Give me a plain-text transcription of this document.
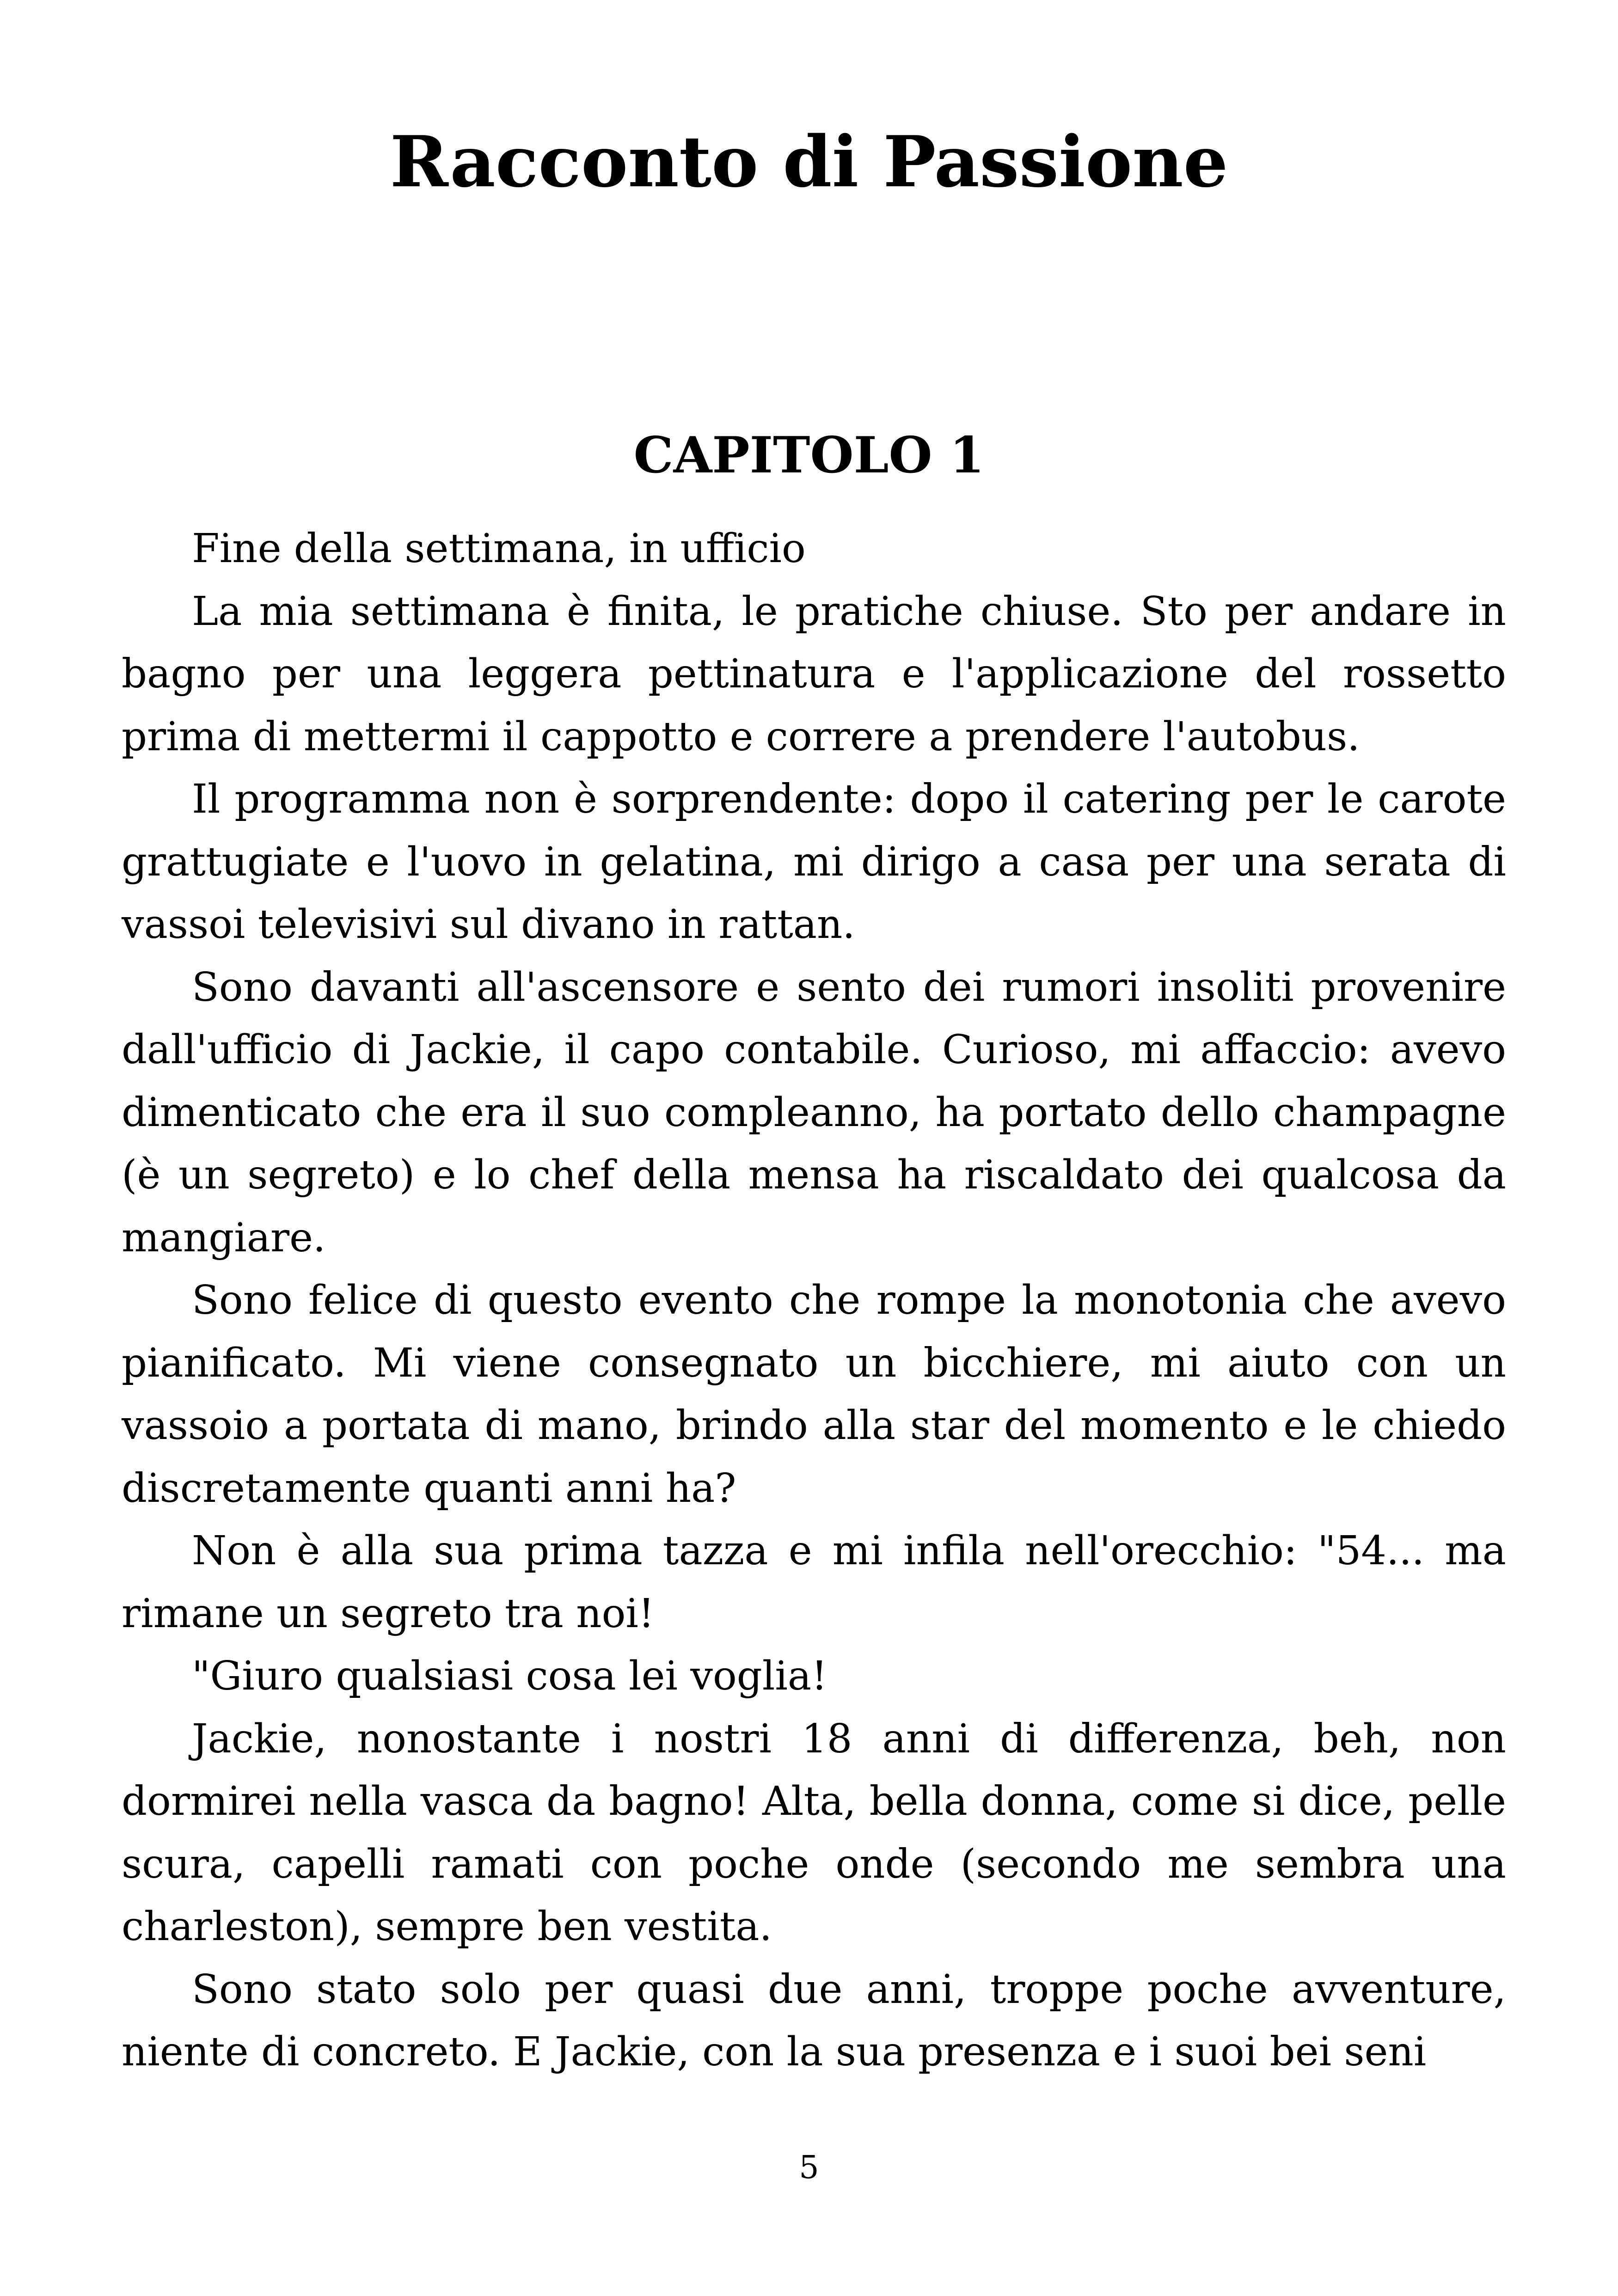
Racconto di Passione
CAPITOLO 1

Fine della settimana, in ufficio

La mia settimana è finita, le pratiche chiuse. Sto per andare in bagno per una leggera pettinatura e l'applicazione del rossetto prima di mettermi il cappotto e correre a prendere l'autobus.

Il programma non è sorprendente: dopo il catering per le carote grattugiate e l'uovo in gelatina, mi dirigo a casa per una serata di vassoi televisivi sul divano in rattan.

Sono davanti all'ascensore e sento dei rumori insoliti provenire dall'ufficio di Jackie, il capo contabile. Curioso, mi affaccio: avevo dimenticato che era il suo compleanno, ha portato dello champagne (è un segreto) e lo chef della mensa ha riscaldato dei qualcosa da mangiare.

Sono felice di questo evento che rompe la monotonia che avevo pianificato. Mi viene consegnato un bicchiere, mi aiuto con un vassoio a portata di mano, brindo alla star del momento e le chiedo discretamente quanti anni ha?

Non è alla sua prima tazza e mi infila nell'orecchio: "54... ma rimane un segreto tra noi!

"Giuro qualsiasi cosa lei voglia!

Jackie, nonostante i nostri 18 anni di differenza, beh, non dormirei nella vasca da bagno! Alta, bella donna, come si dice, pelle scura, capelli ramati con poche onde (secondo me sembra una charleston), sempre ben vestita.

Sono stato solo per quasi due anni, troppe poche avventure, niente di concreto. E Jackie, con la sua presenza e i suoi bei seni

5
